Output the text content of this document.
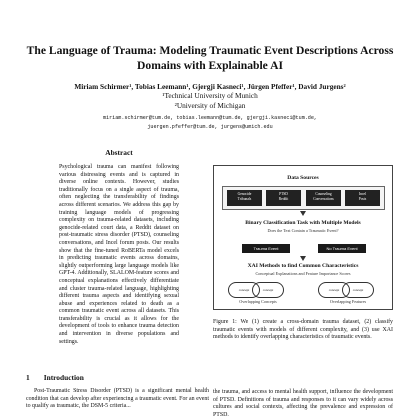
The Language of Trauma: Modeling Traumatic Event Descriptions Across Domains with Explainable AI
Miriam Schirmer¹, Tobias Leemann¹, Gjergji Kasneci¹, Jürgen Pfeffer¹, David Jurgens²
¹Technical University of Munich
²University of Michigan
miriam.schirmer@tum.de, tobias.leemann@tum.de, gjergji.kasneci@tum.de,
juergen.pfeffer@tum.de, jurgens@umich.edu
Abstract
Psychological trauma can manifest following various distressing events and is captured in diverse online contexts. However, studies traditionally focus on a single aspect of trauma, often neglecting the transferability of findings across different scenarios. We address this gap by training language models of progressing complexity on trauma-related datasets, including genocide-related court data, a Reddit dataset on post-traumatic stress disorder (PTSD), counseling conversations, and Incel forum posts. Our results show that the fine-tuned RoBERTa model excels in predicting traumatic events across domains, slightly outperforming large language models like GPT-4. Additionally, SLALOM-feature scores and conceptual explanations effectively differentiate and cluster trauma-related language, highlighting different trauma aspects and identifying sexual abuse and experiences related to death as a common traumatic event across all datasets. This transferability is crucial as it allows for the development of tools to enhance trauma detection and intervention in diverse populations and settings.
1 Introduction
Post-Traumatic Stress Disorder (PTSD) is a significant mental health condition that can develop after experiencing a traumatic event. For an event to qualify as traumatic, the DSM-5 criteria...
Data Sources
Genocide
Tribunals
PTSD
Reddit
Counseling
Conversations
Incel
Posts
Binary Classification Task with Multiple Models
Does the Text Contain a Traumatic Event?
Trauma Event	No Trauma Event
XAI Methods to find Common Characteristics
Conceptual Explanations and Feature Importance Scores
concept	concept	concept	concept
Overlapping Concepts	Overlapping Features
Figure 1: We (1) create a cross-domain trauma dataset, (2) classify traumatic events with models of different complexity, and (3) use XAI methods to identify overlapping characteristics of traumatic events.
the trauma, and access to mental health support, influence the development of PTSD. Definitions of trauma and responses to it can vary widely across cultures and social contexts, affecting the prevalence and expression of PTSD.
